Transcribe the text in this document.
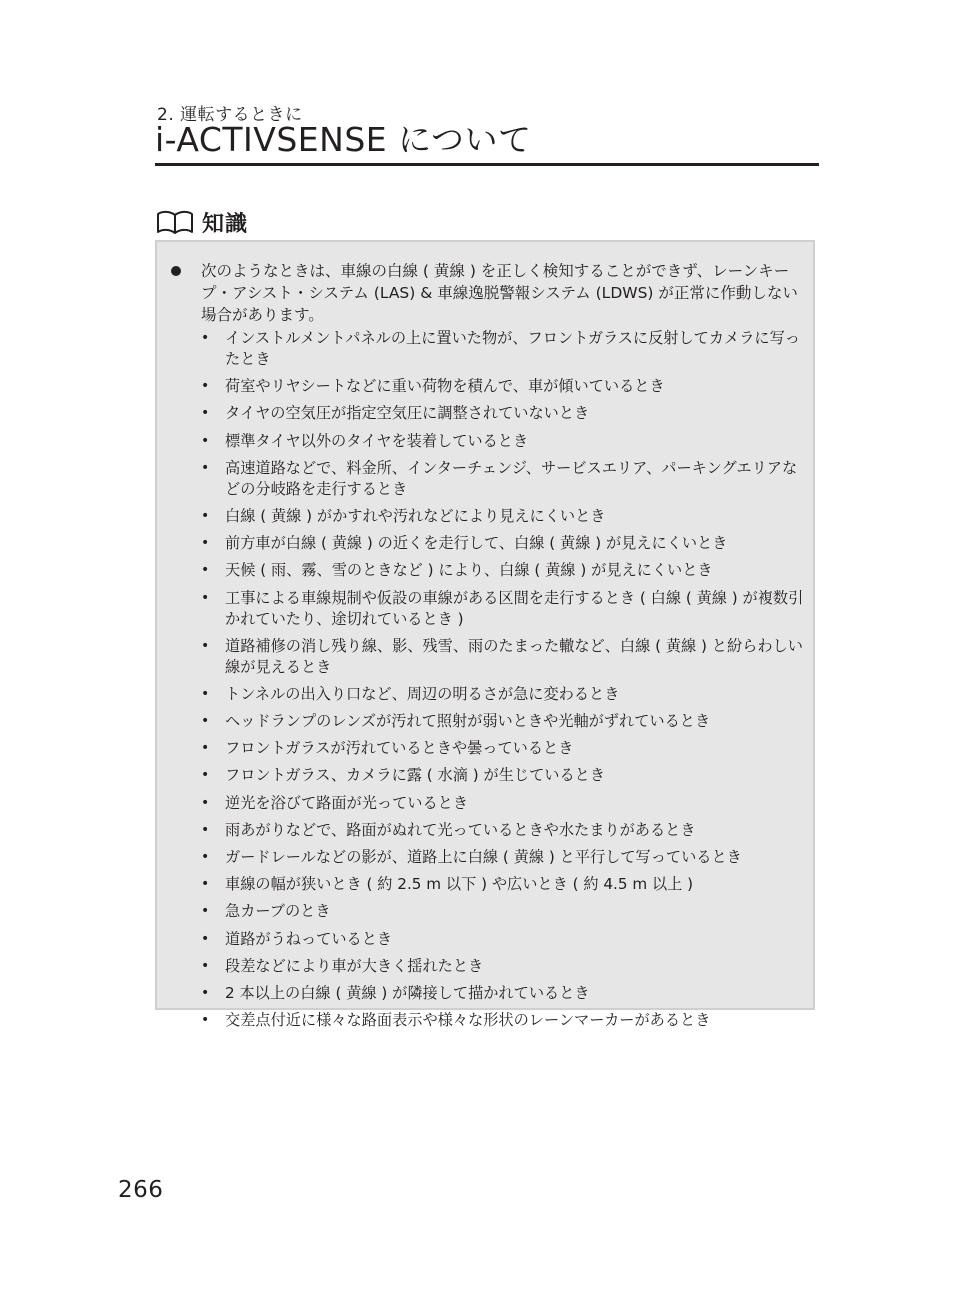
2. 運転するときに
i-ACTIVSENSE について
知識
次のようなときは、車線の白線 ( 黄線 ) を正しく検知することができず、レーンキープ・アシスト・システム (LAS) & 車線逸脱警報システム (LDWS) が正常に作動しない場合があります。
• インストルメントパネルの上に置いた物が、フロントガラスに反射してカメラに写ったとき
• 荷室やリヤシートなどに重い荷物を積んで、車が傾いているとき
• タイヤの空気圧が指定空気圧に調整されていないとき
• 標準タイヤ以外のタイヤを装着しているとき
• 高速道路などで、料金所、インターチェンジ、サービスエリア、パーキングエリアなどの分岐路を走行するとき
• 白線 ( 黄線 ) がかすれや汚れなどにより見えにくいとき
• 前方車が白線 ( 黄線 ) の近くを走行して、白線 ( 黄線 ) が見えにくいとき
• 天候 ( 雨、霧、雪のときなど ) により、白線 ( 黄線 ) が見えにくいとき
• 工事による車線規制や仮設の車線がある区間を走行するとき ( 白線 ( 黄線 ) が複数引かれていたり、途切れているとき )
• 道路補修の消し残り線、影、残雪、雨のたまった轍など、白線 ( 黄線 ) と紛らわしい線が見えるとき
• トンネルの出入り口など、周辺の明るさが急に変わるとき
• ヘッドランプのレンズが汚れて照射が弱いときや光軸がずれているとき
• フロントガラスが汚れているときや曇っているとき
• フロントガラス、カメラに露 ( 水滴 ) が生じているとき
• 逆光を浴びて路面が光っているとき
• 雨あがりなどで、路面がぬれて光っているときや水たまりがあるとき
• ガードレールなどの影が、道路上に白線 ( 黄線 ) と平行して写っているとき
• 車線の幅が狭いとき ( 約 2.5 m 以下 ) や広いとき ( 約 4.5 m 以上 )
• 急カーブのとき
• 道路がうねっているとき
• 段差などにより車が大きく揺れたとき
• 2 本以上の白線 ( 黄線 ) が隣接して描かれているとき
• 交差点付近に様々な路面表示や様々な形状のレーンマーカーがあるとき
266
